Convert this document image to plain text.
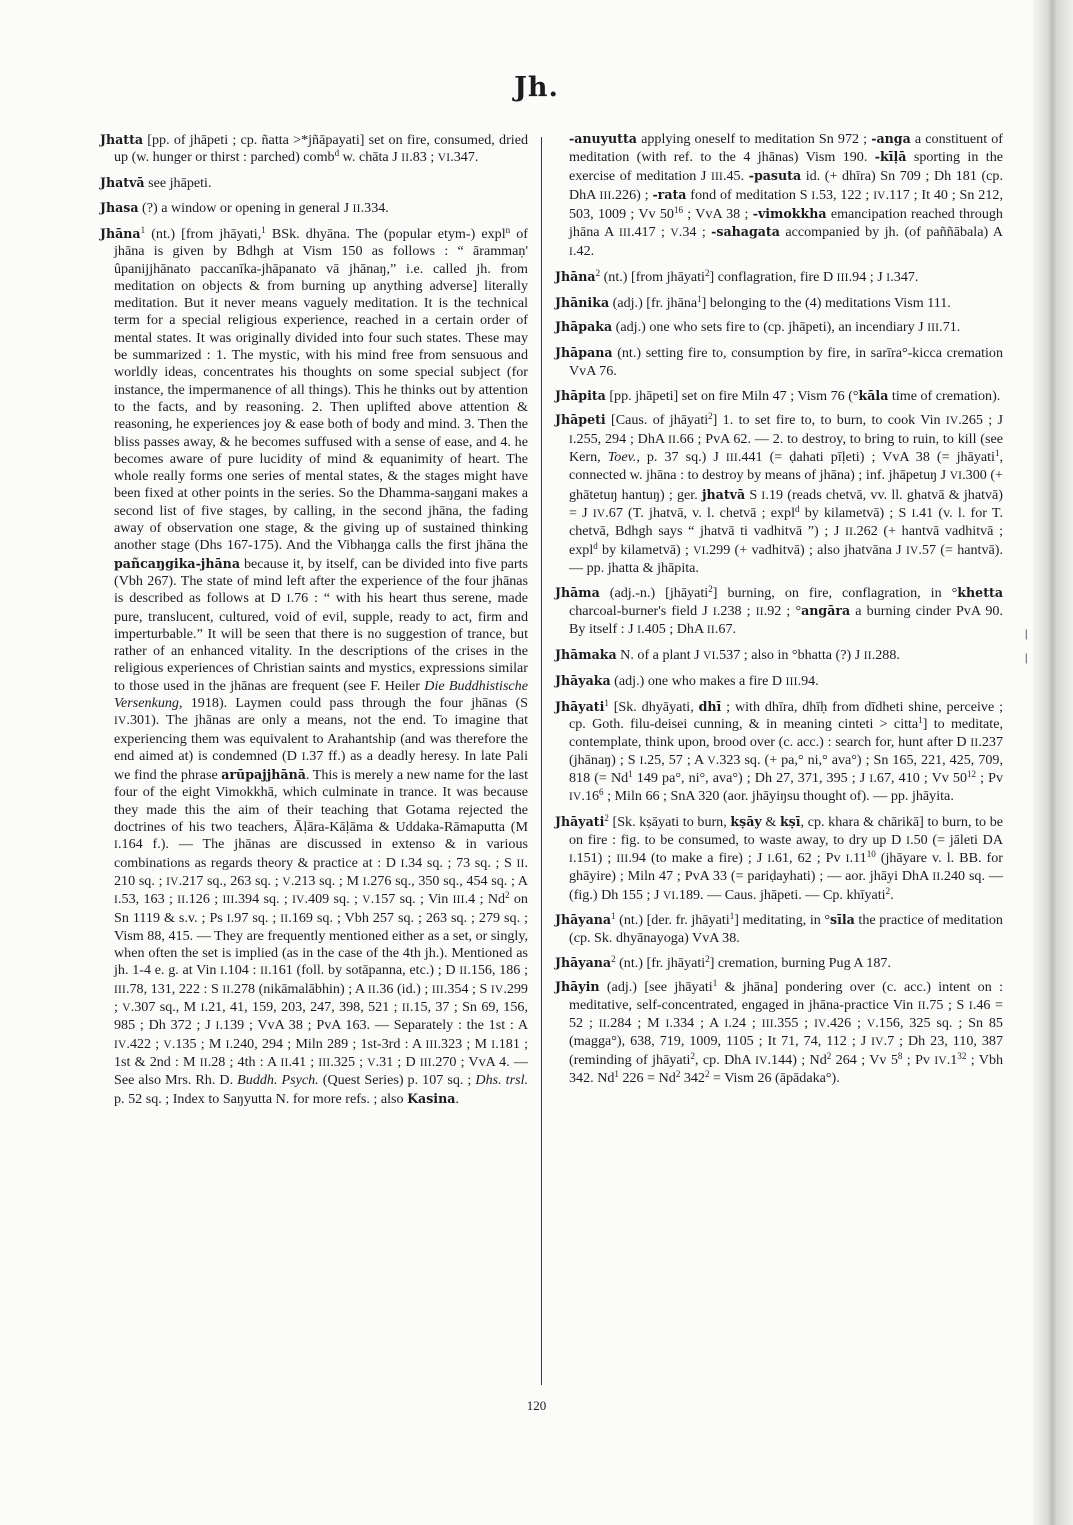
Jh.

Jhatta [pp. of jhāpeti ; cp. ñatta >*jñāpayati] set on fire, consumed, dried up (w. hunger or thirst : parched) comb$^d$ w. chāta J II.83 ; VI.347.

Jhatvā see jhāpeti.

Jhasa (?) a window or opening in general J II.334.

Jhāna$^1$ (nt.) [from jhāyati,$^1$ BSk. dhyāna. The (popular etym-) expl$^n$ of jhāna is given by Bdhgh at Vism 150 as follows : “ ārammaṇ' ûpanijjhānato paccanīka-jhāpanato vā jhānaŋ,” i.e. called jh. from meditation on objects & from burning up anything adverse] literally meditation. But it never means vaguely meditation. It is the technical term for a special religious experience, reached in a certain order of mental states. It was originally divided into four such states. These may be summarized : 1. The mystic, with his mind free from sensuous and worldly ideas, concentrates his thoughts on some special subject (for instance, the impermanence of all things). This he thinks out by attention to the facts, and by reasoning. 2. Then uplifted above attention & reasoning, he experiences joy & ease both of body and mind. 3. Then the bliss passes away, & he becomes suffused with a sense of ease, and 4. he becomes aware of pure lucidity of mind & equanimity of heart. The whole really forms one series of mental states, & the stages might have been fixed at other points in the series. So the Dhamma-saŋgani makes a second list of five stages, by calling, in the second jhāna, the fading away of observation one stage, & the giving up of sustained thinking another stage (Dhs 167-175). And the Vibhaŋga calls the first jhāna the pañcaŋgika-jhāna because it, by itself, can be divided into five parts (Vbh 267). The state of mind left after the experience of the four jhānas is described as follows at D I.76 : “ with his heart thus serene, made pure, translucent, cultured, void of evil, supple, ready to act, firm and imperturbable.” It will be seen that there is no suggestion of trance, but rather of an enhanced vitality. In the descriptions of the crises in the religious experiences of Christian saints and mystics, expressions similar to those used in the jhānas are frequent (see F. Heiler Die Buddhistische Versenkung, 1918). Laymen could pass through the four jhānas (S IV.301). The jhānas are only a means, not the end. To imagine that experiencing them was equivalent to Arahantship (and was therefore the end aimed at) is condemned (D I.37 ff.) as a deadly heresy. In late Pali we find the phrase arūpajjhānā. This is merely a new name for the last four of the eight Vimokkhā, which culminate in trance. It was because they made this the aim of their teaching that Gotama rejected the doctrines of his two teachers, Āḷāra-Kāḷāma & Uddaka-Rāmaputta (M I.164 f.). — The jhānas are discussed in extenso & in various combinations as regards theory & practice at : D I.34 sq. ; 73 sq. ; S II. 210 sq. ; IV.217 sq., 263 sq. ; V.213 sq. ; M I.276 sq., 350 sq., 454 sq. ; A I.53, 163 ; II.126 ; III.394 sq. ; IV.409 sq. ; V.157 sq. ; Vin III.4 ; Nd$^2$ on Sn 1119 & s.v. ; Ps I.97 sq. ; II.169 sq. ; Vbh 257 sq. ; 263 sq. ; 279 sq. ; Vism 88, 415. — They are frequently mentioned either as a set, or singly, when often the set is implied (as in the case of the 4th jh.). Mentioned as jh. 1-4 e. g. at Vin I.104 : II.161 (foll. by sotāpanna, etc.) ; D II.156, 186 ; III.78, 131, 222 : S II.278 (nikāmalābhin) ; A II.36 (id.) ; III.354 ; S IV.299 ; V.307 sq., M I.21, 41, 159, 203, 247, 398, 521 ; II.15, 37 ; Sn 69, 156, 985 ; Dh 372 ; J I.139 ; VvA 38 ; PvA 163. — Separately : the 1st : A IV.422 ; V.135 ; M I.240, 294 ; Miln 289 ; 1st-3rd : A III.323 ; M I.181 ; 1st & 2nd : M II.28 ; 4th : A II.41 ; III.325 ; V.31 ; D III.270 ; VvA 4. — See also Mrs. Rh. D. Buddh. Psych. (Quest Series) p. 107 sq. ; Dhs. trsl. p. 52 sq. ; Index to Saŋyutta N. for more refs. ; also Kasina.

-anuyutta applying oneself to meditation Sn 972 ; -anga a constituent of meditation (with ref. to the 4 jhānas) Vism 190. -kīḷā sporting in the exercise of meditation J III.45. -pasuta id. (+ dhīra) Sn 709 ; Dh 181 (cp. DhA III.226) ; -rata fond of meditation S I.53, 122 ; IV.117 ; It 40 ; Sn 212, 503, 1009 ; Vv $50^{16}$ ; VvA 38 ; -vimokkha emancipation reached through jhāna A III.417 ; V.34 ; -sahagata accompanied by jh. (of paññābala) A I.42.

Jhāna$^2$ (nt.) [from jhāyati$^2$] conflagration, fire D III.94 ; J I.347.

Jhānika (adj.) [fr. jhāna$^1$] belonging to the (4) meditations Vism 111.

Jhāpaka (adj.) one who sets fire to (cp. jhāpeti), an incendiary J III.71.

Jhāpana (nt.) setting fire to, consumption by fire, in sarīra°-kicca cremation VvA 76.

Jhāpita [pp. jhāpeti] set on fire Miln 47 ; Vism 76 (°kāla time of cremation).

Jhāpeti [Caus. of jhāyati$^2$] 1. to set fire to, to burn, to cook Vin IV.265 ; J I.255, 294 ; DhA II.66 ; PvA 62. — 2. to destroy, to bring to ruin, to kill (see Kern, Toev., p. 37 sq.) J III.441 (= ḍahati pīḷeti) ; VvA 38 (= jhāyati$^1$, connected w. jhāna : to destroy by means of jhāna) ; inf. jhāpetuŋ J VI.300 (+ ghātetuŋ hantuŋ) ; ger. jhatvā S I.19 (reads chetvā, vv. ll. ghatvā & jhatvā) = J IV.67 (T. jhatvā, v. l. chetvā ; expl$^d$ by kilametvā) ; S I.41 (v. l. for T. chetvā, Bdhgh says “ jhatvā ti vadhitvā ”) ; J II.262 (+ hantvā vadhitvā ; expl$^d$ by kilametvā) ; VI.299 (+ vadhitvā) ; also jhatvāna J IV.57 (= hantvā). — pp. jhatta & jhāpita.

Jhāma (adj.-n.) [jhāyati$^2$] burning, on fire, conflagration, in °khetta charcoal-burner's field J I.238 ; II.92 ; °angāra a burning cinder PvA 90. By itself : J I.405 ; DhA II.67.

Jhāmaka N. of a plant J VI.537 ; also in °bhatta (?) J II.288.

Jhāyaka (adj.) one who makes a fire D III.94.

Jhāyati$^1$ [Sk. dhyāyati, dhī ; with dhīra, dhīḥ from dīdheti shine, perceive ; cp. Goth. filu-deisei cunning, & in meaning cinteti > citta$^1$] to meditate, contemplate, think upon, brood over (c. acc.) : search for, hunt after D II.237 (jhānaŋ) ; S I.25, 57 ; A V.323 sq. (+ pa,° ni,° ava°) ; Sn 165, 221, 425, 709, 818 (= $Nd^1$ 149 pa°, ni°, ava°) ; Dh 27, 371, 395 ; J I.67, 410 ; Vv $50^{12}$ ; Pv $IV.16^6$ ; Miln 66 ; SnA 320 (aor. jhāyiŋsu thought of). — pp. jhāyita.

Jhāyati$^2$ [Sk. kṣāyati to burn, kṣāy & kṣī, cp. khara & chārikā] to burn, to be on fire : fig. to be consumed, to waste away, to dry up D I.50 (= jāleti DA I.151) ; III.94 (to make a fire) ; J I.61, 62 ; Pv $I.11^{10}$ (jhāyare v. l. BB. for ghāyire) ; Miln 47 ; PvA 33 (= pariḍayhati) ; — aor. jhāyi DhA II.240 sq. — (fig.) Dh 155 ; J VI.189. — Caus. jhāpeti. — Cp. khīyati$^2$.

Jhāyana$^1$ (nt.) [der. fr. jhāyati$^1$] meditating, in °sīla the practice of meditation (cp. Sk. dhyānayoga) VvA 38.

Jhāyana$^2$ (nt.) [fr. jhāyati$^2$] cremation, burning Pug A 187.

Jhāyin (adj.) [see jhāyati$^1$ & jhāna] pondering over (c. acc.) intent on : meditative, self-concentrated, engaged in jhāna-practice Vin II.75 ; S I.46 = 52 ; II.284 ; M I.334 ; A I.24 ; III.355 ; IV.426 ; V.156, 325 sq. ; Sn 85 (magga°), 638, 719, 1009, 1105 ; It 71, 74, 112 ; J IV.7 ; Dh 23, 110, 387 (reminding of jhāyati$^2$, cp. DhA IV.144) ; Nd$^2$ 264 ; Vv $5^8$ ; Pv $IV.1^{32}$ ; Vbh 342. Nd$^1$ $226 = Nd^2$ $342^2$ = Vism 26 (āpādaka°).

120
|
|
